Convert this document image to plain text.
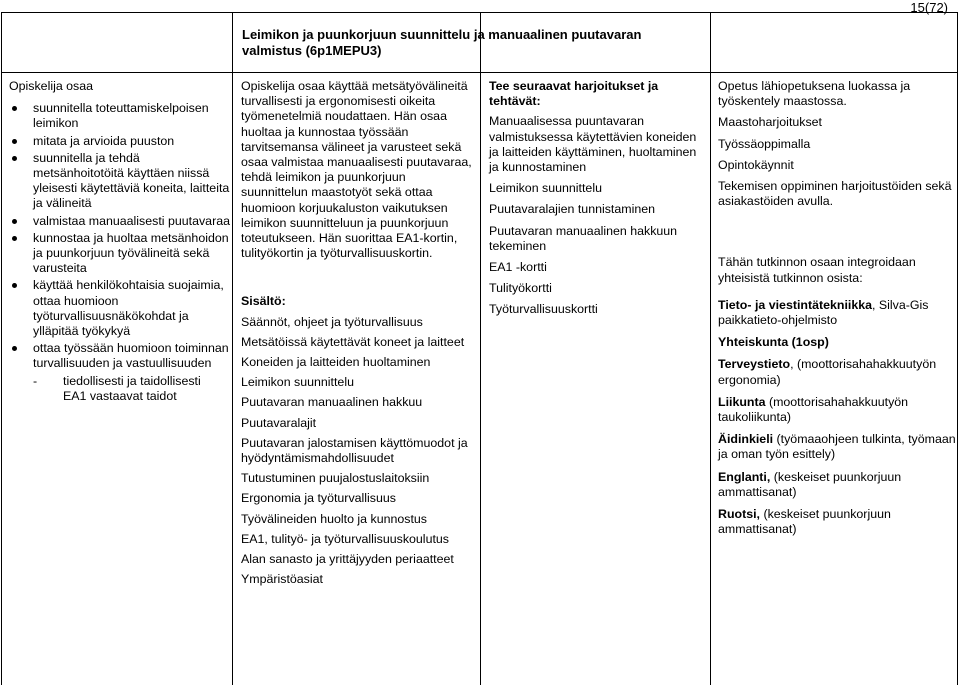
15(72)
Leimikon ja puunkorjuun suunnittelu ja manuaalinen puutavaran
valmistus (6p1MEPU3)

Opiskelija osaa

suunnitella toteuttamiskelpoisen leimikon
mitata ja arvioida puuston
suunnitella ja tehdä metsänhoitotöitä käyttäen niissä yleisesti käytettäviä koneita, laitteita ja välineitä
valmistaa manuaalisesti puutavaraa
kunnostaa ja huoltaa metsänhoidon ja puunkorjuun työvälineitä sekä varusteita
käyttää henkilökohtaisia suojaimia, ottaa huomioon työturvallisuusnäkökohdat ja ylläpitää työkykyä
ottaa työssään huomioon toiminnan turvallisuuden ja vastuullisuuden

- tiedollisesti ja taidollisesti

EA1 vastaavat taidot

Opiskelija osaa käyttää metsätyövälineitä turvallisesti ja ergonomisesti oikeita työmenetelmiä noudattaen. Hän osaa huoltaa ja kunnostaa työssään tarvitsemansa välineet ja varusteet sekä osaa valmistaa manuaalisesti puutavaraa, tehdä leimikon ja puunkorjuun suunnittelun maastotyöt sekä ottaa huomioon korjuukaluston vaikutuksen leimikon suunnitteluun ja puunkorjuun toteutukseen. Hän suorittaa EA1-kortin, tulityökortin ja työturvallisuuskortin.

Sisältö:

Säännöt, ohjeet ja työturvallisuus

Metsätöissä käytettävät koneet ja laitteet

Koneiden ja laitteiden huoltaminen

Leimikon suunnittelu

Puutavaran manuaalinen hakkuu

Puutavaralajit

Puutavaran jalostamisen käyttömuodot ja hyödyntämismahdollisuudet

Tutustuminen puujalostuslaitoksiin

Ergonomia ja työturvallisuus

Työvälineiden huolto ja kunnostus

EA1, tulityö- ja työturvallisuuskoulutus

Alan sanasto ja yrittäjyyden periaatteet

Ympäristöasiat

Tee seuraavat harjoitukset ja tehtävät:

Manuaalisessa puuntavaran valmistuksessa käytettävien koneiden ja laitteiden käyttäminen, huoltaminen ja kunnostaminen

Leimikon suunnittelu

Puutavaralajien tunnistaminen

Puutavaran manuaalinen hakkuun tekeminen

EA1 -kortti

Tulityökortti

Työturvallisuuskortti

Opetus lähiopetuksena luokassa ja työskentely maastossa.

Maastoharjoitukset

Työssäoppimalla

Opintokäynnit

Tekemisen oppiminen harjoitustöiden sekä asiakastöiden avulla.

Tähän tutkinnon osaan integroidaan yhteisistä tutkinnon osista:

Tieto- ja viestintätekniikka, Silva-Gis paikkatieto-ohjelmisto

Yhteiskunta (1osp)

Terveystieto, (moottorisahahakkuutyön ergonomia)

Liikunta (moottorisahahakkuutyön taukoliikunta)

Äidinkieli (työmaaohjeen tulkinta, työmaan ja oman työn esittely)

Englanti, (keskeiset puunkorjuun ammattisanat)

Ruotsi, (keskeiset puunkorjuun ammattisanat)
